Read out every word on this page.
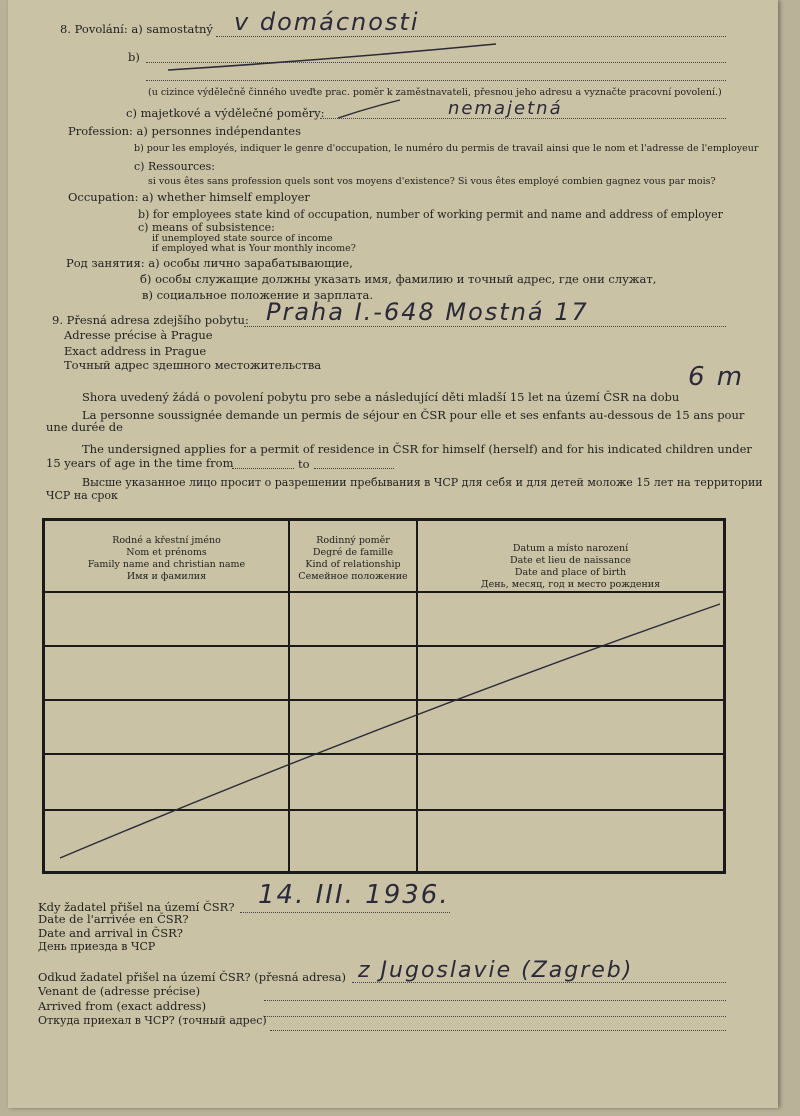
8. Povolání: a) samostatný v domácnosti
b)
(u cizince výdělečně činného uveďte prac. poměr k zaměstnavateli, přesnou jeho adresu a vyznačte pracovní povolení.)
c) majetkové a výdělečné poměry:	nemajetná
Profession: a) personnes indépendantes
b) pour les employés, indiquer le genre d'occupation, le numéro du permis de travail ainsi que le nom et l'adresse de l'employeur
c) Ressources:
si vous êtes sans profession quels sont vos moyens d'existence? Si vous êtes employé combien gagnez vous par mois?
Occupation: a) whether himself employer
b) for employees state kind of occupation, number of working permit and name and address of employer
c) means of subsistence:
if unemployed state source of income
if employed what is Your monthly income?
Род занятия: а) особы лично зарабатывающие,
б) особы служащие должны указать имя, фамилию и точный адрес, где они служат,
в) социальное положение и зарплата.
9. Přesná adresa zdejšího pobytu: Praha I.-648 Mostná 17
Adresse précise à Prague
Exact address in Prague
Точный адрес здешного местожительства
Shora uvedený žádá o povolení pobytu pro sebe a následující děti mladší 15 let na území ČSR na dobu
6 m
La personne soussignée demande un permis de séjour en ČSR pour elle et ses enfants au-dessous de 15 ans pour
une durée de
The undersigned applies for a permit of residence in ČSR for himself (herself) and for his indicated children under
15 years of age in the time from	to
Высше указанное лицо просит о разрешении пребывания в ЧСР для себя и для детей моложе 15 лет на территории
ЧСР на срок
Rodné a křestní jméno
Nom et prénoms
Family name and christian name
Имя и фамилия
Rodinný poměr
Degré de famille
Kind of relationship
Семейное положение
Datum a místo narození
Date et lieu de naissance
Date and place of birth
День, месяц, год и место рождения
Kdy žadatel přišel na území ČSR? 14. III. 1936.
Date de l'arrivée en ČSR?
Date and arrival in ČSR?
День приезда в ЧСР
Odkud žadatel přišel na území ČSR? (přesná adresa) z Jugoslavie (Zagreb)
Venant de (adresse précise)
Arrived from (exact address)
Откуда приехал в ЧСР? (точный адрес)
